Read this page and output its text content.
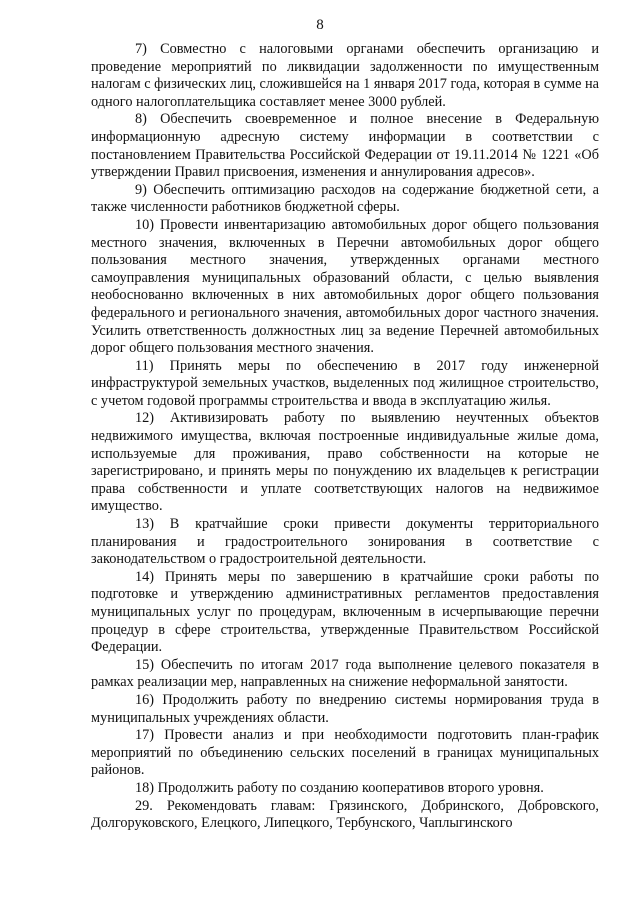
8

7) Совместно с налоговыми органами обеспечить организацию и проведение мероприятий по ликвидации задолженности по имущественным налогам с физических лиц, сложившейся на 1 января 2017 года, которая в сумме на одного налогоплательщика составляет менее 3000 рублей.

8) Обеспечить своевременное и полное внесение в Федеральную информационную адресную систему информации в соответствии с постановлением Правительства Российской Федерации от 19.11.2014 № 1221 «Об утверждении Правил присвоения, изменения и аннулирования адресов».

9) Обеспечить оптимизацию расходов на содержание бюджетной сети, а также численности работников бюджетной сферы.

10) Провести инвентаризацию автомобильных дорог общего пользования местного значения, включенных в Перечни автомобильных дорог общего пользования местного значения, утвержденных органами местного самоуправления муниципальных образований области, с целью выявления необоснованно включенных в них автомобильных дорог общего пользования федерального и регионального значения, автомобильных дорог частного значения. Усилить ответственность должностных лиц за ведение Перечней автомобильных дорог общего пользования местного значения.

11) Принять меры по обеспечению в 2017 году инженерной инфраструктурой земельных участков, выделенных под жилищное строительство, с учетом годовой программы строительства и ввода в эксплуатацию жилья.

12) Активизировать работу по выявлению неучтенных объектов недвижимого имущества, включая построенные индивидуальные жилые дома, используемые для проживания, право собственности на которые не зарегистрировано, и принять меры по понуждению их владельцев к регистрации права собственности и уплате соответствующих налогов на недвижимое имущество.

13) В кратчайшие сроки привести документы территориального планирования и градостроительного зонирования в соответствие с законодательством о градостроительной деятельности.

14) Принять меры по завершению в кратчайшие сроки работы по подготовке и утверждению административных регламентов предоставления муниципальных услуг по процедурам, включенным в исчерпывающие перечни процедур в сфере строительства, утвержденные Правительством Российской Федерации.

15) Обеспечить по итогам 2017 года выполнение целевого показателя в рамках реализации мер, направленных на снижение неформальной занятости.

16) Продолжить работу по внедрению системы нормирования труда в муниципальных учреждениях области.

17) Провести анализ и при необходимости подготовить план-график мероприятий по объединению сельских поселений в границах муниципальных районов.

18) Продолжить работу по созданию кооперативов второго уровня.

29. Рекомендовать главам: Грязинского, Добринского, Добровского, Долгоруковского, Елецкого, Липецкого, Тербунского, Чаплыгинского
